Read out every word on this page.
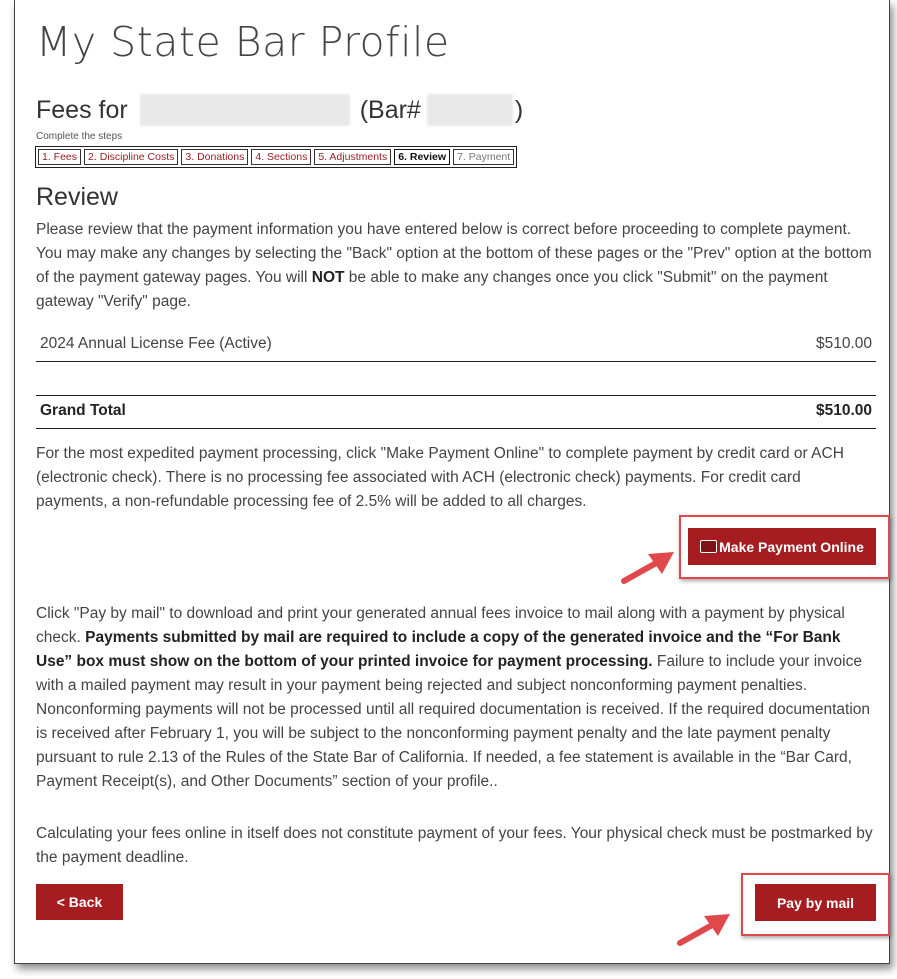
My State Bar Profile
Fees for	(Bar#	)
Complete the steps
1. Fees	2. Discipline Costs	3. Donations	4. Sections	5. Adjustments	6. Review	7. Payment
Review

Please review that the payment information you have entered below is correct before proceeding to complete payment. You may make any changes by selecting the "Back" option at the bottom of these pages or the "Prev" option at the bottom of the payment gateway pages. You will NOT be able to make any changes once you click "Submit" on the payment gateway "Verify" page.

2024 Annual License Fee (Active)	$510.00
Grand Total	$510.00

For the most expedited payment processing, click "Make Payment Online" to complete payment by credit card or ACH (electronic check). There is no processing fee associated with ACH (electronic check) payments. For credit card payments, a non-refundable processing fee of 2.5% will be added to all charges.

Make Payment Online

Click "Pay by mail" to download and print your generated annual fees invoice to mail along with a payment by physical check. Payments submitted by mail are required to include a copy of the generated invoice and the “For Bank Use” box must show on the bottom of your printed invoice for payment processing. Failure to include your invoice with a mailed payment may result in your payment being rejected and subject nonconforming payment penalties. Nonconforming payments will not be processed until all required documentation is received. If the required documentation is received after February 1, you will be subject to the nonconforming payment penalty and the late payment penalty pursuant to rule 2.13 of the Rules of the State Bar of California. If needed, a fee statement is available in the “Bar Card, Payment Receipt(s), and Other Documents” section of your profile..

Calculating your fees online in itself does not constitute payment of your fees. Your physical check must be postmarked by the payment deadline.

< Back	Pay by mail
